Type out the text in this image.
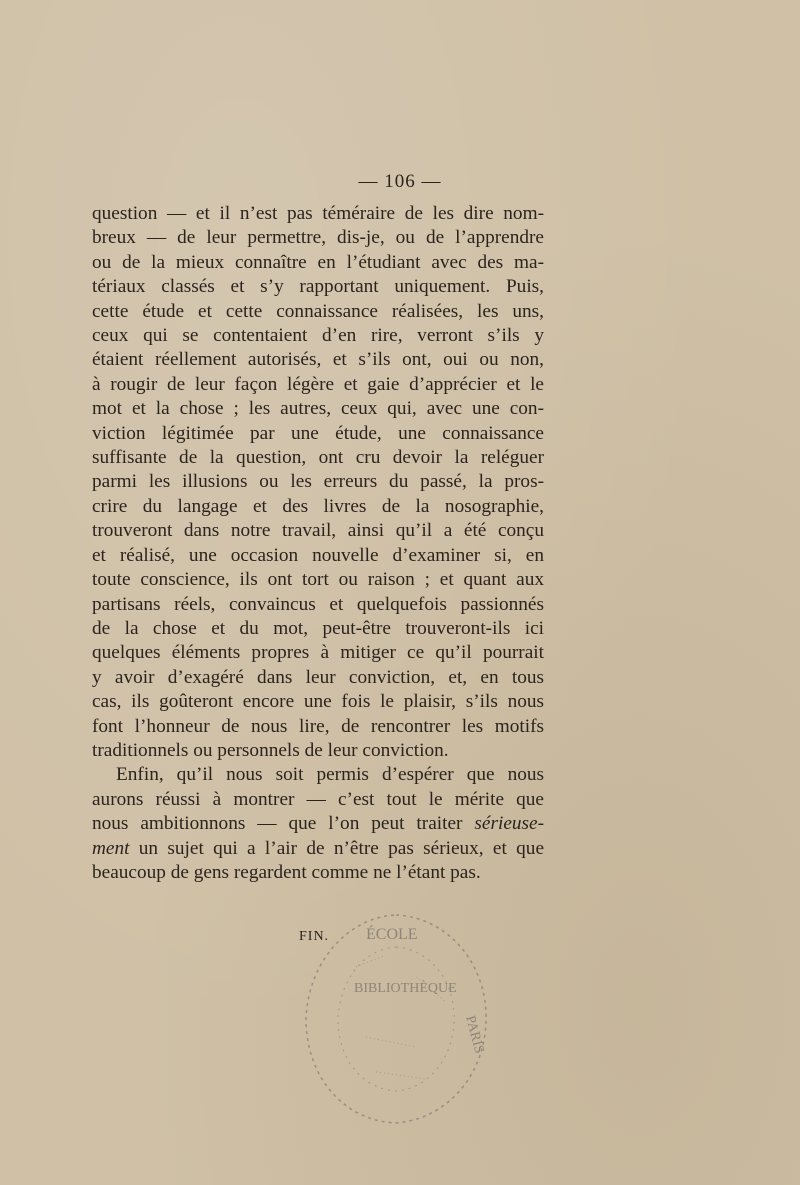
— 106 —
question — et il n’est pas téméraire de les dire nom-
breux — de leur permettre, dis-je, ou de l’apprendre
ou de la mieux connaître en l’étudiant avec des ma-
tériaux classés et s’y rapportant uniquement. Puis,
cette étude et cette connaissance réalisées, les uns,
ceux qui se contentaient d’en rire, verront s’ils y
étaient réellement autorisés, et s’ils ont, oui ou non,
à rougir de leur façon légère et gaie d’apprécier et le
mot et la chose ; les autres, ceux qui, avec une con-
viction légitimée par une étude, une connaissance
suffisante de la question, ont cru devoir la reléguer
parmi les illusions ou les erreurs du passé, la pros-
crire du langage et des livres de la nosographie,
trouveront dans notre travail, ainsi qu’il a été conçu
et réalisé, une occasion nouvelle d’examiner si, en
toute conscience, ils ont tort ou raison ; et quant aux
partisans réels, convaincus et quelquefois passionnés
de la chose et du mot, peut-être trouveront-ils ici
quelques éléments propres à mitiger ce qu’il pourrait
y avoir d’exagéré dans leur conviction, et, en tous
cas, ils goûteront encore une fois le plaisir, s’ils nous
font l’honneur de nous lire, de rencontrer les motifs
traditionnels ou personnels de leur conviction.
Enfin, qu’il nous soit permis d’espérer que nous
aurons réussi à montrer — c’est tout le mérite que
nous ambitionnons — que l’on peut traiter sérieuse-
ment un sujet qui a l’air de n’être pas sérieux, et que
beaucoup de gens regardent comme ne l’étant pas.
FIN. ÉCOLE
BIBLIOTHÈQUE
PARIS
